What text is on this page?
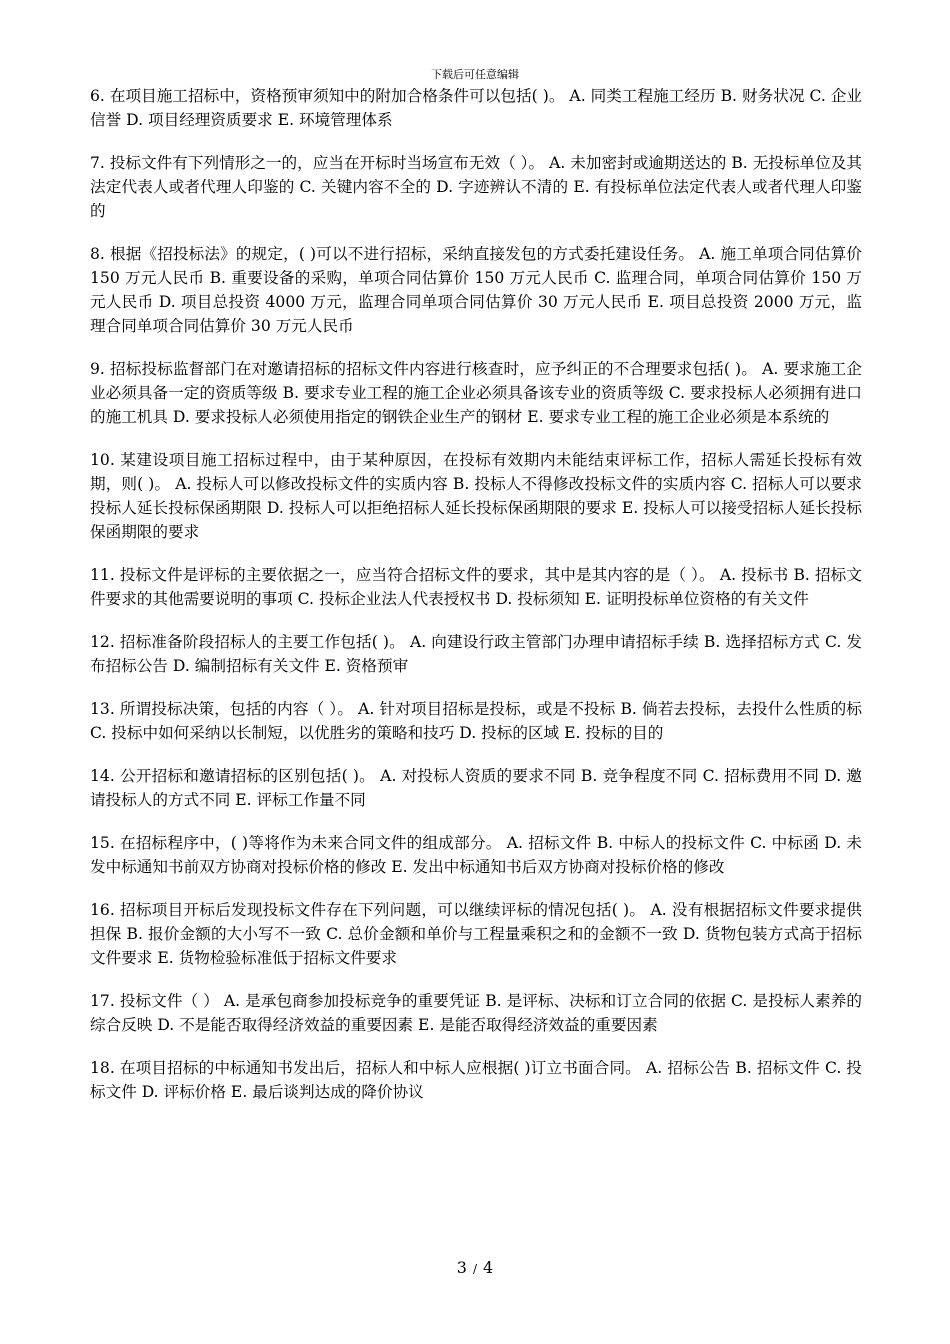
下载后可任意编辑

6. 在项目施工招标中，资格预审须知中的附加合格条件可以包括( )。 A. 同类工程施工经历 B. 财务状况 C. 企业信誉 D. 项目经理资质要求 E. 环境管理体系

7. 投标文件有下列情形之一的，应当在开标时当场宣布无效（ ）。 A. 未加密封或逾期送达的 B. 无投标单位及其法定代表人或者代理人印鉴的 C. 关键内容不全的 D. 字迹辨认不清的 E. 有投标单位法定代表人或者代理人印鉴的

8. 根据《招投标法》的规定，( )可以不进行招标，采纳直接发包的方式委托建设任务。 A. 施工单项合同估算价 150 万元人民币 B. 重要设备的采购，单项合同估算价 150 万元人民币 C. 监理合同，单项合同估算价 150 万元人民币 D. 项目总投资 4000 万元，监理合同单项合同估算价 30 万元人民币 E. 项目总投资 2000 万元，监理合同单项合同估算价 30 万元人民币

9. 招标投标监督部门在对邀请招标的招标文件内容进行核查时，应予纠正的不合理要求包括( )。 A. 要求施工企业必须具备一定的资质等级 B. 要求专业工程的施工企业必须具备该专业的资质等级 C. 要求投标人必须拥有进口的施工机具 D. 要求投标人必须使用指定的钢铁企业生产的钢材 E. 要求专业工程的施工企业必须是本系统的

10. 某建设项目施工招标过程中，由于某种原因，在投标有效期内未能结束评标工作，招标人需延长投标有效期，则( )。 A. 投标人可以修改投标文件的实质内容 B. 投标人不得修改投标文件的实质内容 C. 招标人可以要求投标人延长投标保函期限 D. 投标人可以拒绝招标人延长投标保函期限的要求 E. 投标人可以接受招标人延长投标保函期限的要求

11. 投标文件是评标的主要依据之一，应当符合招标文件的要求，其中是其内容的是（ ）。 A. 投标书 B. 招标文件要求的其他需要说明的事项 C. 投标企业法人代表授权书 D. 投标须知 E. 证明投标单位资格的有关文件

12. 招标准备阶段招标人的主要工作包括( )。 A. 向建设行政主管部门办理申请招标手续 B. 选择招标方式 C. 发布招标公告 D. 编制招标有关文件 E. 资格预审

13. 所谓投标决策，包括的内容（ ）。 A. 针对项目招标是投标，或是不投标 B. 倘若去投标，去投什么性质的标 C. 投标中如何采纳以长制短，以优胜劣的策略和技巧 D. 投标的区域 E. 投标的目的

14. 公开招标和邀请招标的区别包括( )。 A. 对投标人资质的要求不同 B. 竞争程度不同 C. 招标费用不同 D. 邀请投标人的方式不同 E. 评标工作量不同

15. 在招标程序中，( )等将作为未来合同文件的组成部分。 A. 招标文件 B. 中标人的投标文件 C. 中标函 D. 未发中标通知书前双方协商对投标价格的修改 E. 发出中标通知书后双方协商对投标价格的修改

16. 招标项目开标后发现投标文件存在下列问题，可以继续评标的情况包括( )。 A. 没有根据招标文件要求提供担保 B. 报价金额的大小写不一致 C. 总价金额和单价与工程量乘积之和的金额不一致 D. 货物包装方式高于招标文件要求 E. 货物检验标准低于招标文件要求

17. 投标文件（ ） A. 是承包商参加投标竞争的重要凭证 B. 是评标、决标和订立合同的依据 C. 是投标人素养的综合反映 D. 不是能否取得经济效益的重要因素 E. 是能否取得经济效益的重要因素

18. 在项目招标的中标通知书发出后，招标人和中标人应根据( )订立书面合同。 A. 招标公告 B. 招标文件 C. 投标文件 D. 评标价格 E. 最后谈判达成的降价协议

3 / 4
